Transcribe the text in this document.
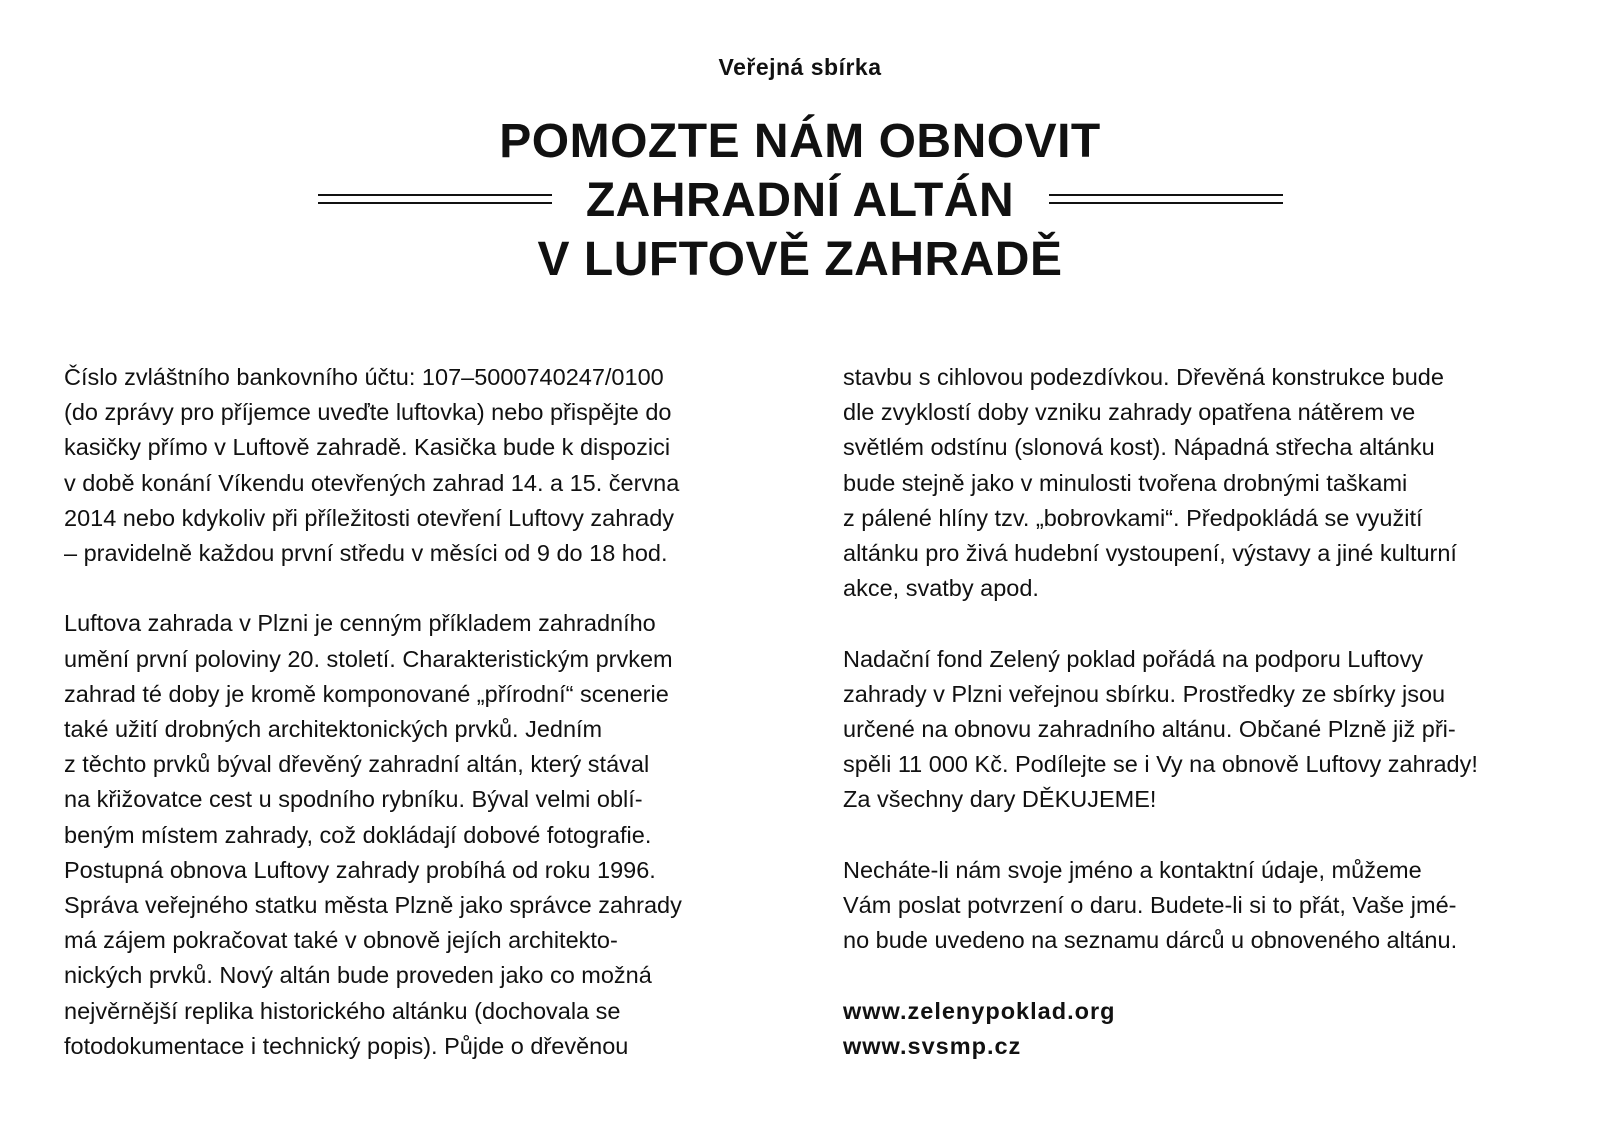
Veřejná sbírka
POMOZTE NÁM OBNOVIT
ZAHRADNÍ ALTÁN
V LUFTOVĚ ZAHRADĚ
Číslo zvláštního bankovního účtu: 107–5000740247/0100
(do zprávy pro příjemce uveďte luftovka) nebo přispějte do
kasičky přímo v Luftově zahradě. Kasička bude k dispozici
v době konání Víkendu otevřených zahrad 14. a 15. června
2014 nebo kdykoliv při příležitosti otevření Luftovy zahrady
– pravidelně každou první středu v měsíci od 9 do 18 hod.
Luftova zahrada v Plzni je cenným příkladem zahradního
umění první poloviny 20. století. Charakteristickým prvkem
zahrad té doby je kromě komponované „přírodní“ scenerie
také užití drobných architektonických prvků. Jedním
z těchto prvků býval dřevěný zahradní altán, který stával
na křižovatce cest u spodního rybníku. Býval velmi oblí-
beným místem zahrady, což dokládají dobové fotografie.
Postupná obnova Luftovy zahrady probíhá od roku 1996.
Správa veřejného statku města Plzně jako správce zahrady
má zájem pokračovat také v obnově jejích architekto-
nických prvků. Nový altán bude proveden jako co možná
nejvěrnější replika historického altánku (dochovala se
fotodokumentace i technický popis). Půjde o dřevěnou
stavbu s cihlovou podezdívkou. Dřevěná konstrukce bude
dle zvyklostí doby vzniku zahrady opatřena nátěrem ve
světlém odstínu (slonová kost). Nápadná střecha altánku
bude stejně jako v minulosti tvořena drobnými taškami
z pálené hlíny tzv. „bobrovkami“. Předpokládá se využití
altánku pro živá hudební vystoupení, výstavy a jiné kulturní
akce, svatby apod.
Nadační fond Zelený poklad pořádá na podporu Luftovy
zahrady v Plzni veřejnou sbírku. Prostředky ze sbírky jsou
určené na obnovu zahradního altánu. Občané Plzně již při-
spěli 11 000 Kč. Podílejte se i Vy na obnově Luftovy zahrady!
Za všechny dary DĚKUJEME!
Necháte-li nám svoje jméno a kontaktní údaje, můžeme
Vám poslat potvrzení o daru. Budete-li si to přát, Vaše jmé-
no bude uvedeno na seznamu dárců u obnoveného altánu.
www.zelenypoklad.org
www.svsmp.cz
